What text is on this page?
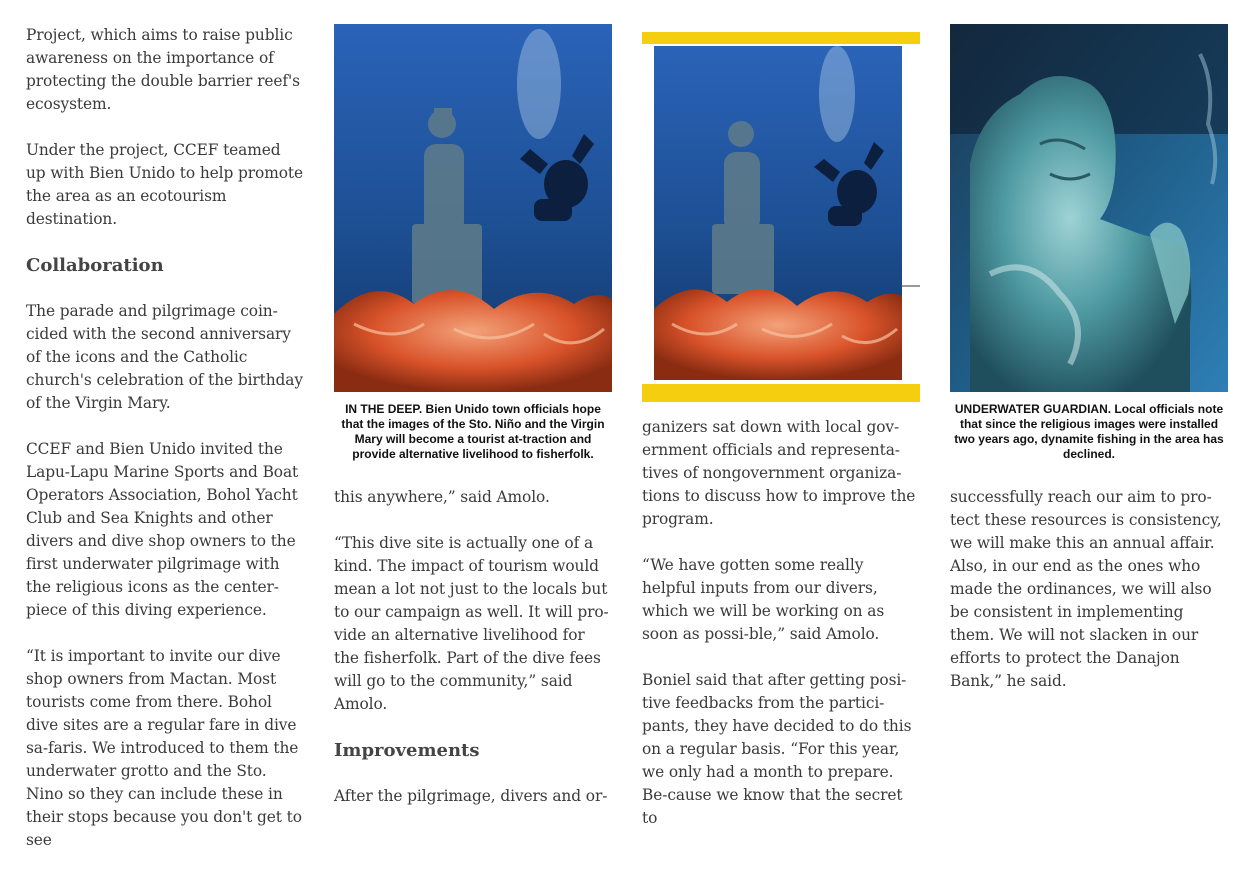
Project, which aims to raise public awareness on the importance of protecting the double barrier reef's ecosystem.

Under the project, CCEF teamed up with Bien Unido to help promote the area as an ecotourism destination.

Collaboration

The parade and pilgrimage coin-cided with the second anniversary of the icons and the Catholic church's celebration of the birthday of the Virgin Mary.

CCEF and Bien Unido invited the Lapu-Lapu Marine Sports and Boat Operators Association, Bohol Yacht Club and Sea Knights and other divers and dive shop owners to the first underwater pilgrimage with the religious icons as the center-piece of this diving experience.

“It is important to invite our dive shop owners from Mactan. Most tourists come from there. Bohol dive sites are a regular fare in dive sa-faris. We introduced to them the underwater grotto and the Sto. Nino so they can include these in their stops because you don't get to see

IN THE DEEP. Bien Unido town officials hope that the images of the Sto. Niño and the Virgin Mary will become a tourist at-traction and provide alternative livelihood to fisherfolk.

this anywhere,” said Amolo.

“This dive site is actually one of a kind. The impact of tourism would mean a lot not just to the locals but to our campaign as well. It will pro-vide an alternative livelihood for the fisherfolk. Part of the dive fees will go to the community,” said Amolo.

Improvements

After the pilgrimage, divers and or-

ganizers sat down with local gov-ernment officials and representa-tives of nongovernment organiza-tions to discuss how to improve the program.

“We have gotten some really helpful inputs from our divers, which we will be working on as soon as possi-ble,” said Amolo.

Boniel said that after getting posi-tive feedbacks from the partici-pants, they have decided to do this on a regular basis. “For this year, we only had a month to prepare. Be-cause we know that the secret to

UNDERWATER GUARDIAN. Local officials note that since the religious images were installed two years ago, dynamite fishing in the area has declined.

successfully reach our aim to pro-tect these resources is consistency, we will make this an annual affair. Also, in our end as the ones who made the ordinances, we will also be consistent in implementing them. We will not slacken in our efforts to protect the Danajon Bank,” he said.
